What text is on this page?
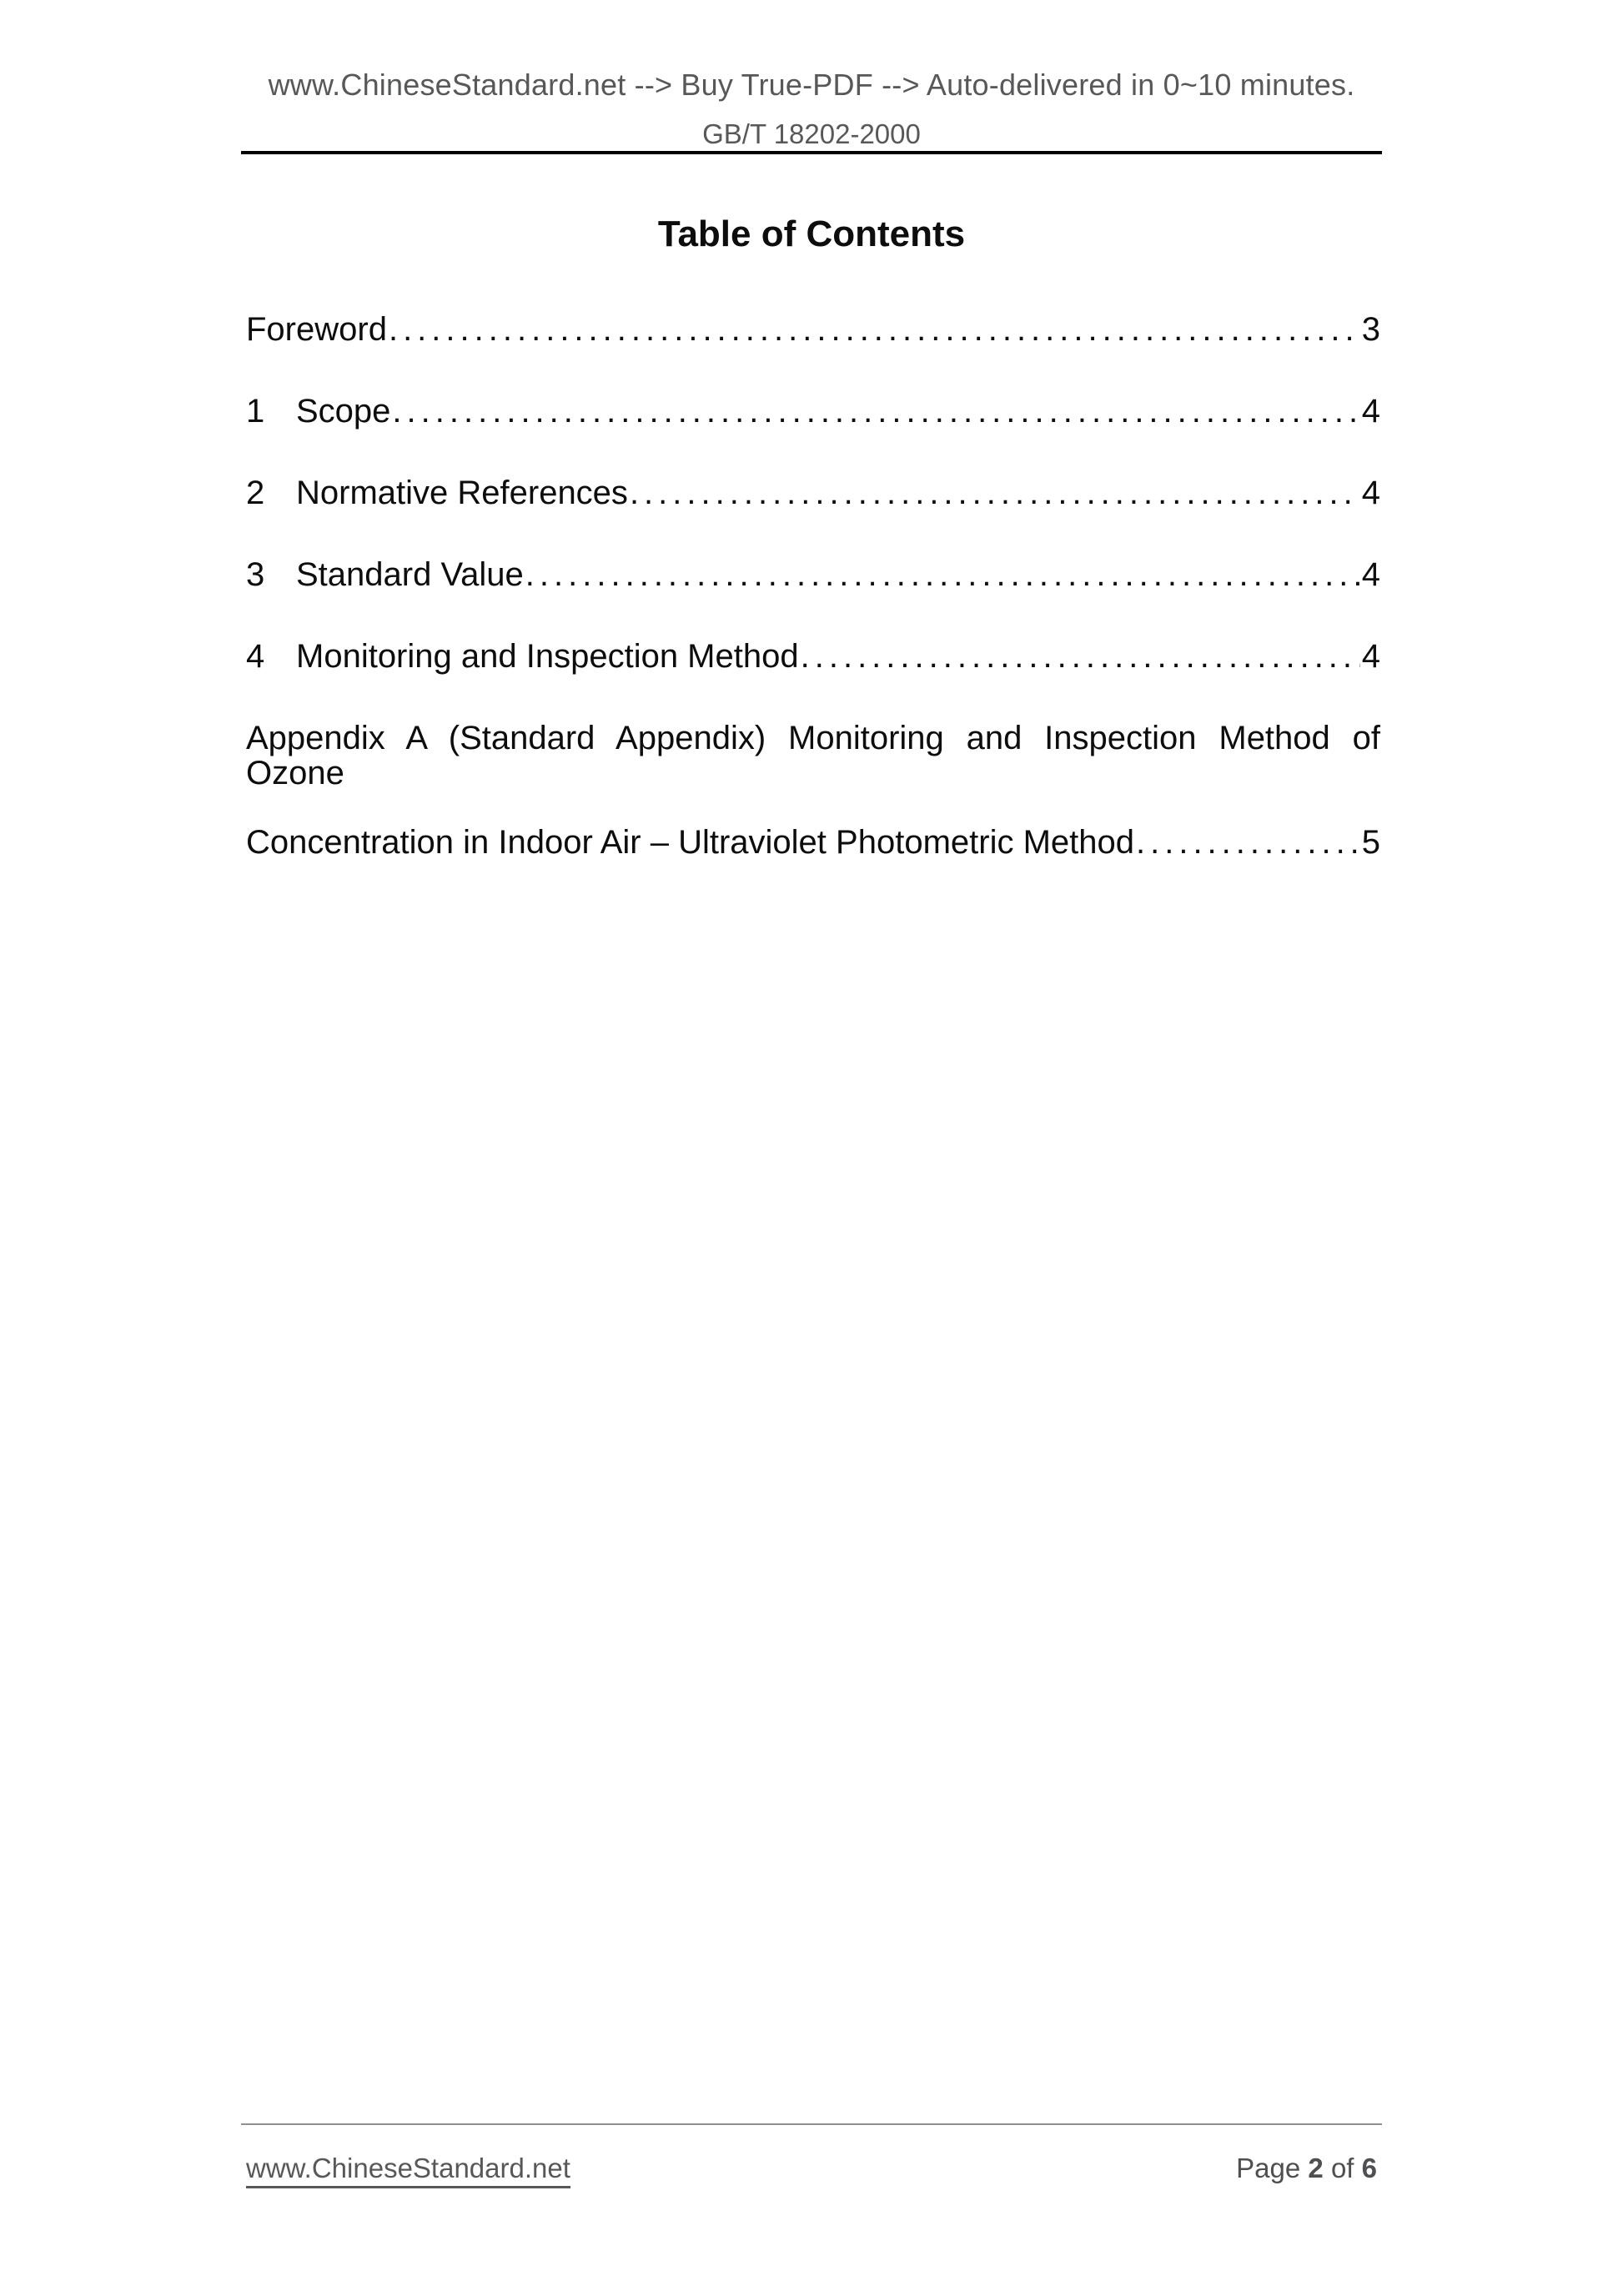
www.ChineseStandard.net --> Buy True-PDF --> Auto-delivered in 0~10 minutes.
GB/T 18202-2000
Table of Contents
Foreword .....	3
1 Scope .....	4
2 Normative References .....	4
3 Standard Value .....	4
4 Monitoring and Inspection Method .....	4
Appendix A (Standard Appendix) Monitoring and Inspection Method of Ozone
Concentration in Indoor Air – Ultraviolet Photometric Method .....	5
www.ChineseStandard.net	Page 2 of 6
